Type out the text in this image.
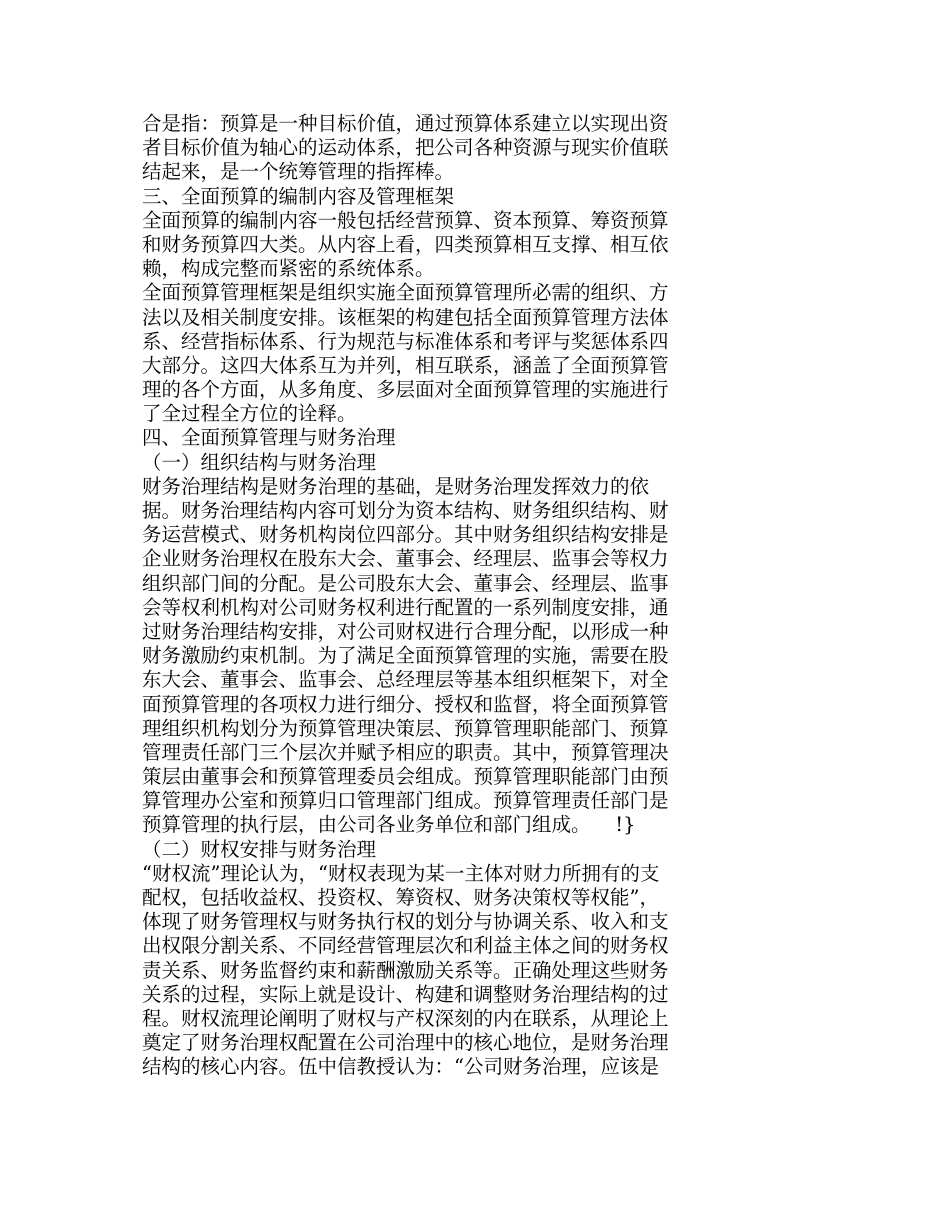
合是指：预算是一种目标价值，通过预算体系建立以实现出资
者目标价值为轴心的运动体系，把公司各种资源与现实价值联
结起来，是一个统筹管理的指挥棒。
三、全面预算的编制内容及管理框架
全面预算的编制内容一般包括经营预算、资本预算、筹资预算
和财务预算四大类。从内容上看，四类预算相互支撑、相互依
赖，构成完整而紧密的系统体系。
全面预算管理框架是组织实施全面预算管理所必需的组织、方
法以及相关制度安排。该框架的构建包括全面预算管理方法体
系、经营指标体系、行为规范与标准体系和考评与奖惩体系四
大部分。这四大体系互为并列，相互联系，涵盖了全面预算管
理的各个方面，从多角度、多层面对全面预算管理的实施进行
了全过程全方位的诠释。
四、全面预算管理与财务治理
（一）组织结构与财务治理
财务治理结构是财务治理的基础，是财务治理发挥效力的依
据。财务治理结构内容可划分为资本结构、财务组织结构、财
务运营模式、财务机构岗位四部分。其中财务组织结构安排是
企业财务治理权在股东大会、董事会、经理层、监事会等权力
组织部门间的分配。是公司股东大会、董事会、经理层、监事
会等权利机构对公司财务权利进行配置的一系列制度安排，通
过财务治理结构安排，对公司财权进行合理分配，以形成一种
财务激励约束机制。为了满足全面预算管理的实施，需要在股
东大会、董事会、监事会、总经理层等基本组织框架下，对全
面预算管理的各项权力进行细分、授权和监督，将全面预算管
理组织机构划分为预算管理决策层、预算管理职能部门、预算
管理责任部门三个层次并赋予相应的职责。其中，预算管理决
策层由董事会和预算管理委员会组成。预算管理职能部门由预
算管理办公室和预算归口管理部门组成。预算管理责任部门是
预算管理的执行层，由公司各业务单位和部门组成。    !}
（二）财权安排与财务治理
“财权流”理论认为，“财权表现为某一主体对财力所拥有的支
配权，包括收益权、投资权、筹资权、财务决策权等权能”，
体现了财务管理权与财务执行权的划分与协调关系、收入和支
出权限分割关系、不同经营管理层次和利益主体之间的财务权
责关系、财务监督约束和薪酬激励关系等。正确处理这些财务
关系的过程，实际上就是设计、构建和调整财务治理结构的过
程。财权流理论阐明了财权与产权深刻的内在联系，从理论上
奠定了财务治理权配置在公司治理中的核心地位，是财务治理
结构的核心内容。伍中信教授认为：“公司财务治理，应该是
